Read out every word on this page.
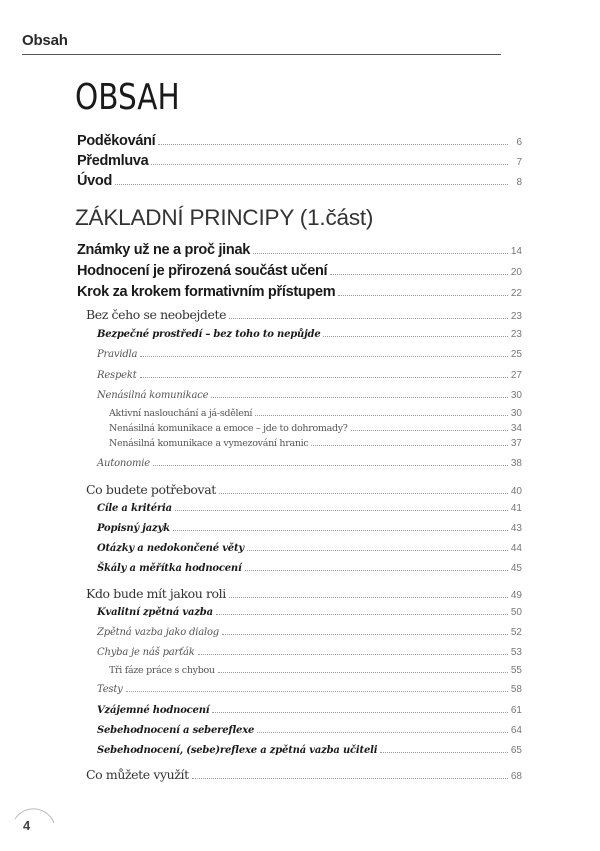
Obsah
OBSAH
Poděkování	6
Předmluva	7
Úvod	8
ZÁKLADNÍ PRINCIPY (1.část)
Známky už ne a proč jinak	14
Hodnocení je přirozená součást učení	20
Krok za krokem formativním přístupem	22
Bez čeho se neobejdete	23
Bezpečné prostředí – bez toho to nepůjde	23
Pravidla	25
Respekt	27
Nenásilná komunikace	30
Aktivní naslouchání a já-sdělení	30
Nenásilná komunikace a emoce – jde to dohromady?	34
Nenásilná komunikace a vymezování hranic	37
Autonomie	38
Co budete potřebovat	40
Cíle a kritéria	41
Popisný jazyk	43
Otázky a nedokončené věty	44
Škály a měřítka hodnocení	45
Kdo bude mít jakou roli	49
Kvalitní zpětná vazba	50
Zpětná vazba jako dialog	52
Chyba je náš parťák	53
Tři fáze práce s chybou	55
Testy	58
Vzájemné hodnocení	61
Sebehodnocení a sebereflexe	64
Sebehodnocení, (sebe)reflexe a zpětná vazba učiteli	65
Co můžete využít	68
4
